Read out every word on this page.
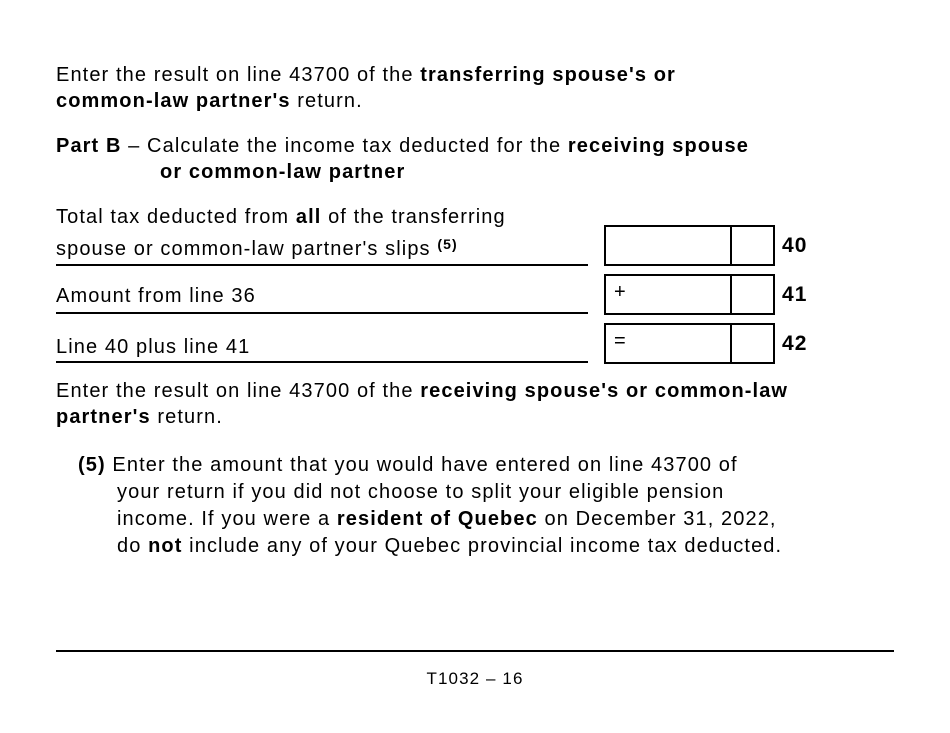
Enter the result on line 43700 of the transferring spouse's or
common-law partner's return.
Part B – Calculate the income tax deducted for the receiving spouse
or common-law partner
Total tax deducted from all of the transferring
spouse or common-law partner's slips $^{(5)}$	40
Amount from line 36	+	41
Line 40 plus line 41	=	42
Enter the result on line 43700 of the receiving spouse's or common-law
partner's return.
(5) Enter the amount that you would have entered on line 43700 of
your return if you did not choose to split your eligible pension
income. If you were a resident of Quebec on December 31, 2022,
do not include any of your Quebec provincial income tax deducted.
T1032 – 16
